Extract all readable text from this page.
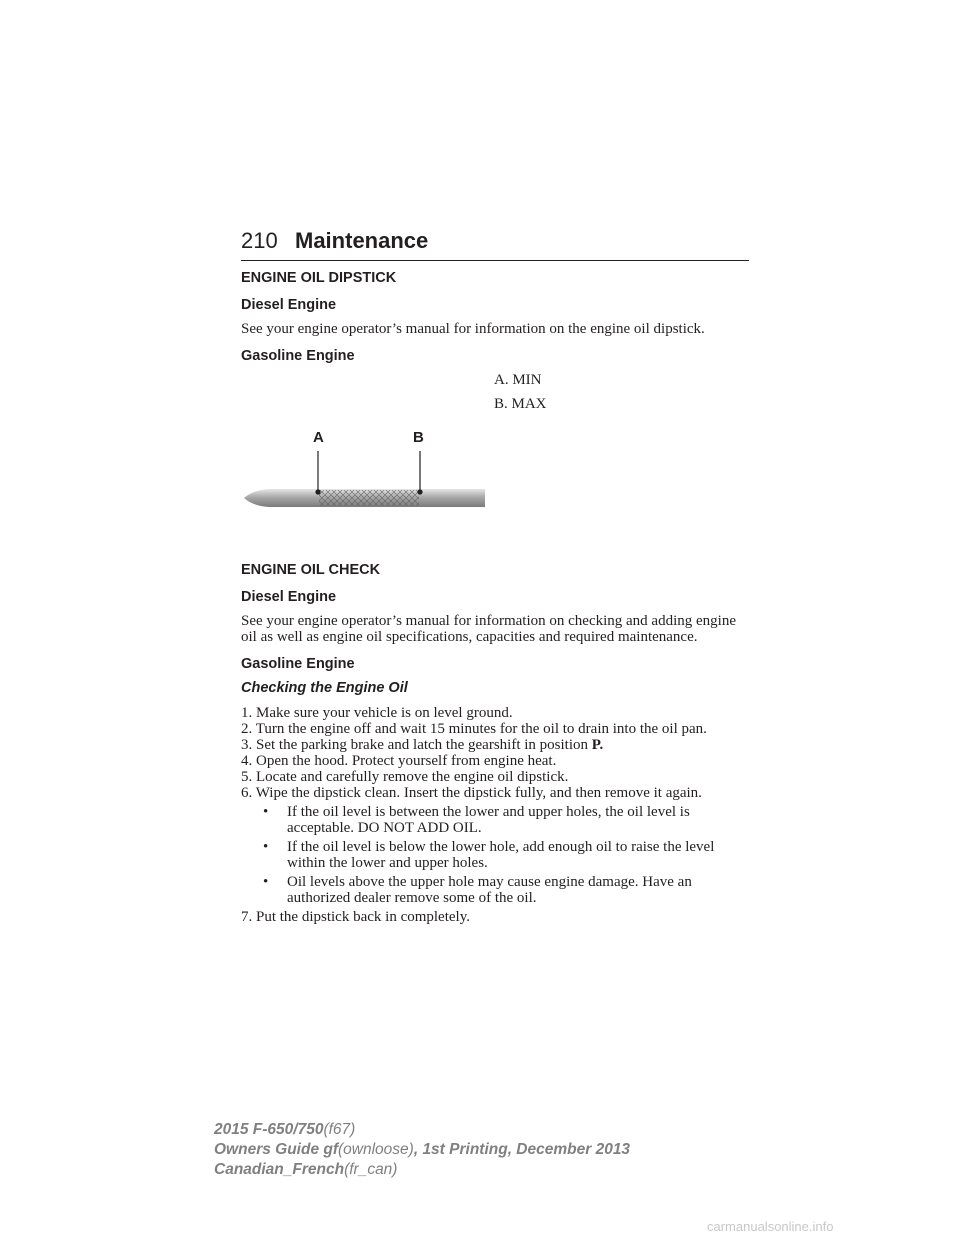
210 Maintenance

ENGINE OIL DIPSTICK

Diesel Engine

See your engine operator’s manual for information on the engine oil dipstick.

Gasoline Engine

A. MIN
B. MAX
A	B

ENGINE OIL CHECK

Diesel Engine

See your engine operator’s manual for information on checking and adding engine oil as well as engine oil specifications, capacities and required maintenance.

Gasoline Engine

Checking the Engine Oil

1. Make sure your vehicle is on level ground.
2. Turn the engine off and wait 15 minutes for the oil to drain into the oil pan.
3. Set the parking brake and latch the gearshift in position P.
4. Open the hood. Protect yourself from engine heat.
5. Locate and carefully remove the engine oil dipstick.
6. Wipe the dipstick clean. Insert the dipstick fully, and then remove it again.
• If the oil level is between the lower and upper holes, the oil level is acceptable. DO NOT ADD OIL.
• If the oil level is below the lower hole, add enough oil to raise the level within the lower and upper holes.
• Oil levels above the upper hole may cause engine damage. Have an authorized dealer remove some of the oil.
7. Put the dipstick back in completely.
2015 F-650/750(f67)
Owners Guide gf(ownloose), 1st Printing, December 2013
Canadian_French(fr_can)
carmanualsonline.info
